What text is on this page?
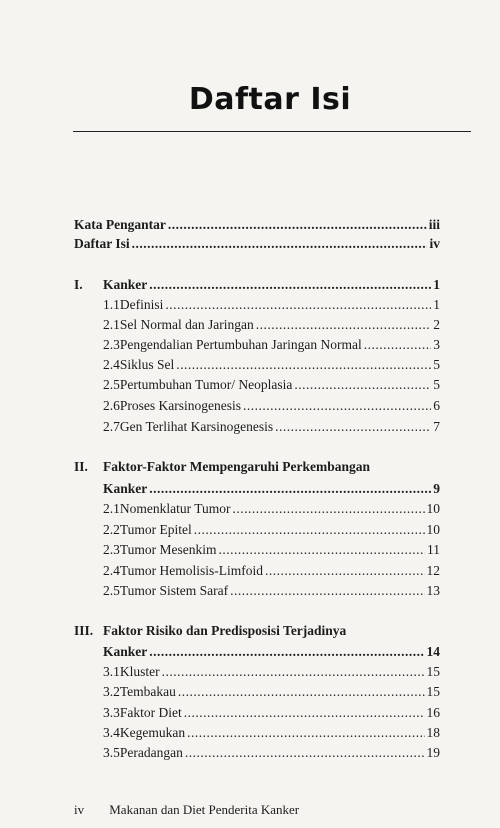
Daftar Isi
Kata Pengantar .....	iii
Daftar Isi .....	iv
I. Kanker .....	1
1.1 Definisi .....	1
2.1 Sel Normal dan Jaringan .....	2
2.3 Pengendalian Pertumbuhan Jaringan Normal .....	3
2.4 Siklus Sel .....	5
2.5 Pertumbuhan Tumor/ Neoplasia .....	5
2.6 Proses Karsinogenesis .....	6
2.7 Gen Terlihat Karsinogenesis .....	7
II. Faktor-Faktor Mempengaruhi Perkembangan
Kanker .....	9
2.1 Nomenklatur Tumor .....	10
2.2 Tumor Epitel .....	10
2.3 Tumor Mesenkim .....	11
2.4 Tumor Hemolisis-Limfoid .....	12
2.5 Tumor Sistem Saraf .....	13
III. Faktor Risiko dan Predisposisi Terjadinya
Kanker .....	14
3.1 Kluster .....	15
3.2 Tembakau .....	15
3.3 Faktor Diet .....	16
3.4 Kegemukan .....	18
3.5 Peradangan .....	19
iv Makanan dan Diet Penderita Kanker
